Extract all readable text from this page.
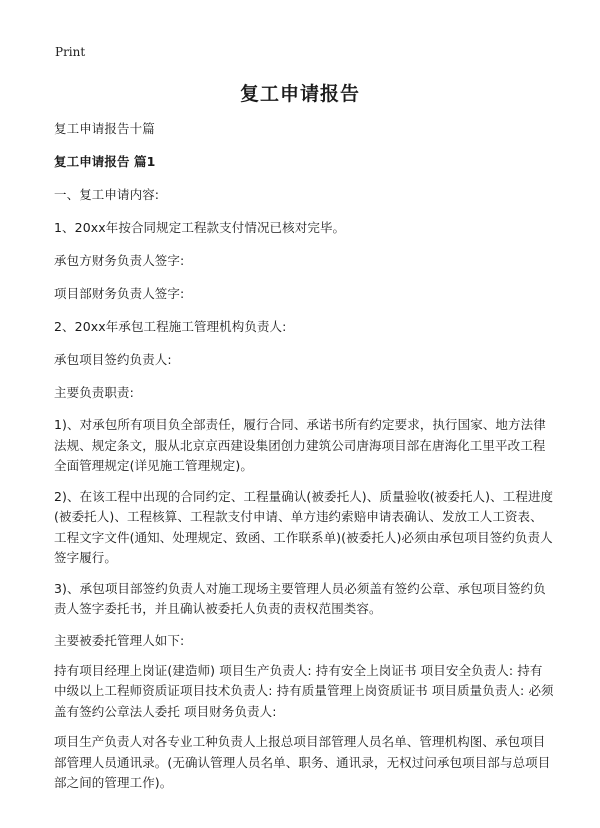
Print
复工申请报告

复工申请报告十篇

复工申请报告 篇1

一、复工申请内容:

1、20xx年按合同规定工程款支付情况已核对完毕。

承包方财务负责人签字:

项目部财务负责人签字:

2、20xx年承包工程施工管理机构负责人:

承包项目签约负责人:

主要负责职责:

1)、对承包所有项目负全部责任，履行合同、承诺书所有约定要求，执行国家、地方法律法规、规定条文，服从北京京西建设集团创力建筑公司唐海项目部在唐海化工里平改工程全面管理规定(详见施工管理规定)。

2)、在该工程中出现的合同约定、工程量确认(被委托人)、质量验收(被委托人)、工程进度(被委托人)、工程核算、工程款支付申请、单方违约索赔申请表确认、发放工人工资表、工程文字文件(通知、处理规定、致函、工作联系单)(被委托人)必须由承包项目签约负责人签字履行。

3)、承包项目部签约负责人对施工现场主要管理人员必须盖有签约公章、承包项目签约负责人签字委托书，并且确认被委托人负责的责权范围类容。

主要被委托管理人如下:

持有项目经理上岗证(建造师) 项目生产负责人: 持有安全上岗证书 项目安全负责人: 持有中级以上工程师资质证项目技术负责人: 持有质量管理上岗资质证书 项目质量负责人: 必须盖有签约公章法人委托 项目财务负责人:

项目生产负责人对各专业工种负责人上报总项目部管理人员名单、管理机构图、承包项目部管理人员通讯录。(无确认管理人员名单、职务、通讯录，无权过问承包项目部与总项目部之间的管理工作)。
